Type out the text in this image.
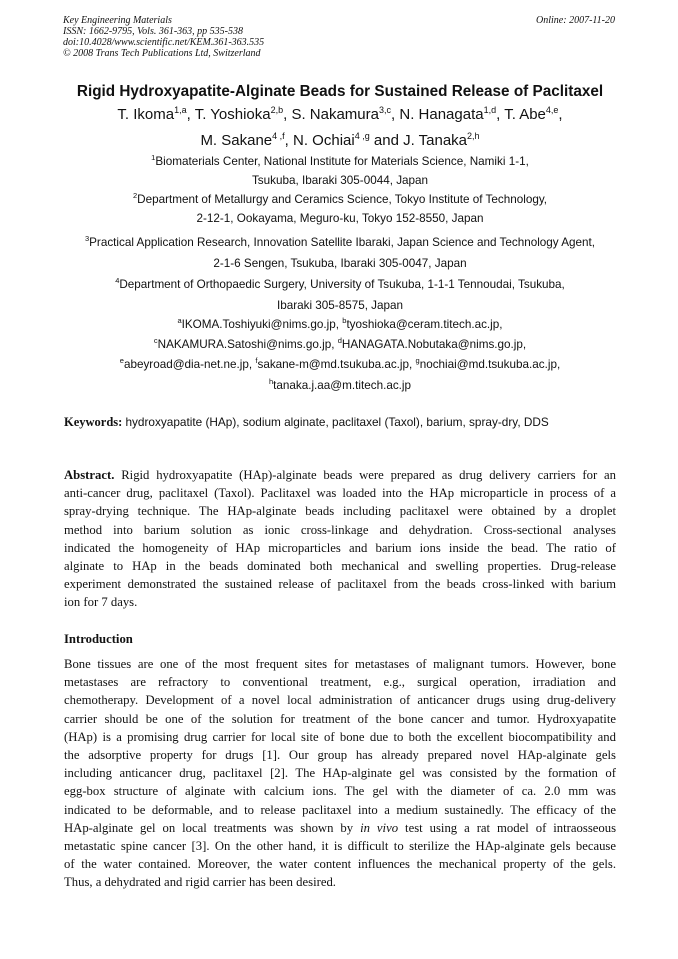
Key Engineering Materials	Online: 2007-11-20
ISSN: 1662-9795, Vols. 361-363, pp 535-538
doi:10.4028/www.scientific.net/KEM.361-363.535
© 2008 Trans Tech Publications Ltd, Switzerland
Rigid Hydroxyapatite-Alginate Beads for Sustained Release of Paclitaxel
T. Ikoma$^{1,a}$, T. Yoshioka$^{2,b}$, S. Nakamura$^{3,c}$, N. Hanagata$^{1,d}$, T. Abe$^{4,e}$,
M. Sakane$^{4 ,f}$, N. Ochiai$^{4 ,g}$ and J. Tanaka$^{2,h}$
$^1$Biomaterials Center, National Institute for Materials Science, Namiki 1-1,
Tsukuba, Ibaraki 305-0044, Japan
$^2$Department of Metallurgy and Ceramics Science, Tokyo Institute of Technology,
2-12-1, Ookayama, Meguro-ku, Tokyo 152-8550, Japan
$^3$Practical Application Research, Innovation Satellite Ibaraki, Japan Science and Technology Agent,
2-1-6 Sengen, Tsukuba, Ibaraki 305-0047, Japan
$^4$Department of Orthopaedic Surgery, University of Tsukuba, 1-1-1 Tennoudai, Tsukuba,
Ibaraki 305-8575, Japan
$^a$IKOMA.Toshiyuki@nims.go.jp, $^b$tyoshioka@ceram.titech.ac.jp,
$^c$NAKAMURA.Satoshi@nims.go.jp, $^d$HANAGATA.Nobutaka@nims.go.jp,
$^e$abeyroad@dia-net.ne.jp, $^f$sakane-m@md.tsukuba.ac.jp, $^g$nochiai@md.tsukuba.ac.jp,
$^h$tanaka.j.aa@m.titech.ac.jp
Keywords: hydroxyapatite (HAp), sodium alginate, paclitaxel (Taxol), barium, spray-dry, DDS
Abstract. Rigid hydroxyapatite (HAp)-alginate beads were prepared as drug delivery carriers for an
anti-cancer drug, paclitaxel (Taxol). Paclitaxel was loaded into the HAp microparticle in process of a
spray-drying technique. The HAp-alginate beads including paclitaxel were obtained by a droplet
method into barium solution as ionic cross-linkage and dehydration. Cross-sectional analyses
indicated the homogeneity of HAp microparticles and barium ions inside the bead. The ratio of
alginate to HAp in the beads dominated both mechanical and swelling properties. Drug-release
experiment demonstrated the sustained release of paclitaxel from the beads cross-linked with barium
ion for 7 days.
Introduction
Bone tissues are one of the most frequent sites for metastases of malignant tumors. However, bone
metastases are refractory to conventional treatment, e.g., surgical operation, irradiation and
chemotherapy. Development of a novel local administration of anticancer drugs using drug-delivery
carrier should be one of the solution for treatment of the bone cancer and tumor. Hydroxyapatite
(HAp) is a promising drug carrier for local site of bone due to both the excellent biocompatibility and
the adsorptive property for drugs [1]. Our group has already prepared novel HAp-alginate gels
including anticancer drug, paclitaxel [2]. The HAp-alginate gel was consisted by the formation of
egg-box structure of alginate with calcium ions. The gel with the diameter of ca. 2.0 mm was
indicated to be deformable, and to release paclitaxel into a medium sustainedly. The efficacy of the
HAp-alginate gel on local treatments was shown by in vivo test using a rat model of intraosseous
metastatic spine cancer [3]. On the other hand, it is difficult to sterilize the HAp-alginate gels because
of the water contained. Moreover, the water content influences the mechanical property of the gels.
Thus, a dehydrated and rigid carrier has been desired.
